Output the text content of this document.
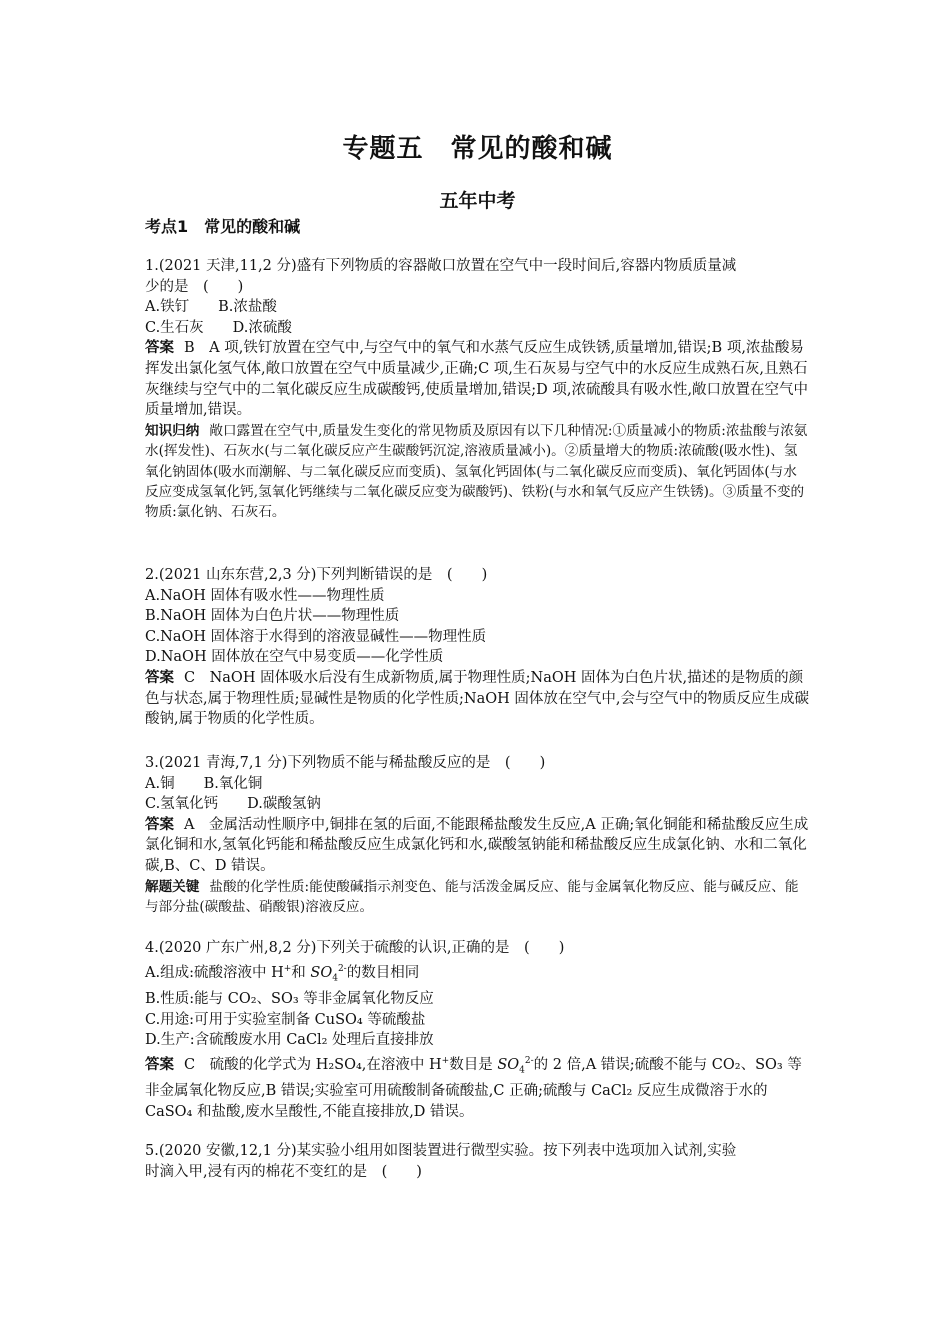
专题五　常见的酸和碱
五年中考
考点1　常见的酸和碱
1.(2021 天津,11,2 分)盛有下列物质的容器敞口放置在空气中一段时间后,容器内物质质量减
少的是　(　　)
A.铁钉　　B.浓盐酸
C.生石灰　　D.浓硫酸
答案 B　A 项,铁钉放置在空气中,与空气中的氧气和水蒸气反应生成铁锈,质量增加,错误;B 项,浓盐酸易挥发出氯化氢气体,敞口放置在空气中质量减少,正确;C 项,生石灰易与空气中的水反应生成熟石灰,且熟石灰继续与空气中的二氧化碳反应生成碳酸钙,使质量增加,错误;D 项,浓硫酸具有吸水性,敞口放置在空气中质量增加,错误。
知识归纳 敞口露置在空气中,质量发生变化的常见物质及原因有以下几种情况:①质量减小的物质:浓盐酸与浓氨水(挥发性)、石灰水(与二氧化碳反应产生碳酸钙沉淀,溶液质量减小)。②质量增大的物质:浓硫酸(吸水性)、氢氧化钠固体(吸水而潮解、与二氧化碳反应而变质)、氢氧化钙固体(与二氧化碳反应而变质)、氧化钙固体(与水反应变成氢氧化钙,氢氧化钙继续与二氧化碳反应变为碳酸钙)、铁粉(与水和氧气反应产生铁锈)。③质量不变的物质:氯化钠、石灰石。
2.(2021 山东东营,2,3 分)下列判断错误的是　(　　)
A.NaOH 固体有吸水性——物理性质
B.NaOH 固体为白色片状——物理性质
C.NaOH 固体溶于水得到的溶液显碱性——物理性质
D.NaOH 固体放在空气中易变质——化学性质
答案 C　NaOH 固体吸水后没有生成新物质,属于物理性质;NaOH 固体为白色片状,描述的是物质的颜色与状态,属于物理性质;显碱性是物质的化学性质;NaOH 固体放在空气中,会与空气中的物质反应生成碳酸钠,属于物质的化学性质。
3.(2021 青海,7,1 分)下列物质不能与稀盐酸反应的是　(　　)
A.铜　　B.氧化铜
C.氢氧化钙　　D.碳酸氢钠
答案 A　金属活动性顺序中,铜排在氢的后面,不能跟稀盐酸发生反应,A 正确;氧化铜能和稀盐酸反应生成氯化铜和水,氢氧化钙能和稀盐酸反应生成氯化钙和水,碳酸氢钠能和稀盐酸反应生成氯化钠、水和二氧化碳,B、C、D 错误。
解题关键 盐酸的化学性质:能使酸碱指示剂变色、能与活泼金属反应、能与金属氧化物反应、能与碱反应、能与部分盐(碳酸盐、硝酸银)溶液反应。
4.(2020 广东广州,8,2 分)下列关于硫酸的认识,正确的是　(　　)
A.组成:硫酸溶液中 H+和 $SO_4^{2-}$的数目相同
B.性质:能与 CO₂、SO₃ 等非金属氧化物反应
C.用途:可用于实验室制备 CuSO₄ 等硫酸盐
D.生产:含硫酸废水用 CaCl₂ 处理后直接排放
答案 C　硫酸的化学式为 H₂SO₄,在溶液中 H+数目是 $SO_4^{2-}$的 2 倍,A 错误;硫酸不能与 CO₂、SO₃ 等非金属氧化物反应,B 错误;实验室可用硫酸制备硫酸盐,C 正确;硫酸与 CaCl₂ 反应生成微溶于水的 CaSO₄ 和盐酸,废水呈酸性,不能直接排放,D 错误。
5.(2020 安徽,12,1 分)某实验小组用如图装置进行微型实验。按下列表中选项加入试剂,实验
时滴入甲,浸有丙的棉花不变红的是　(　　)
